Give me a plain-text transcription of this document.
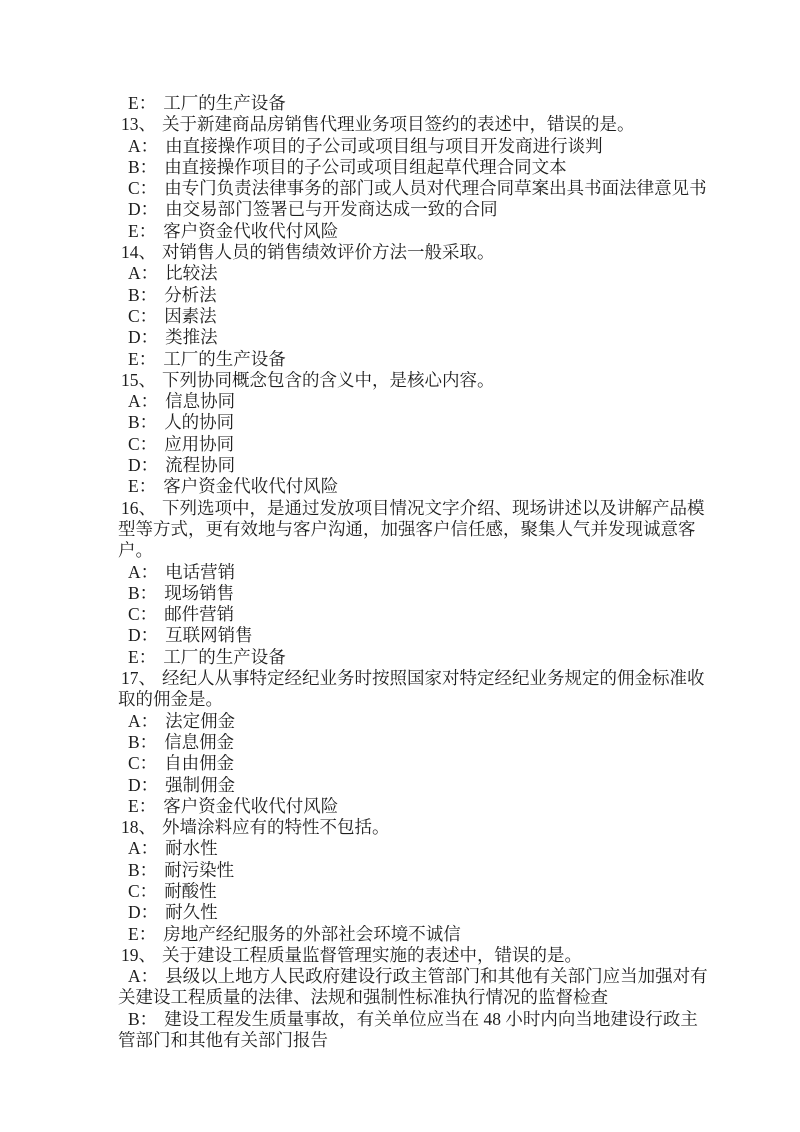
E： 工厂的生产设备

13、 关于新建商品房销售代理业务项目签约的表述中，错误的是。

A： 由直接操作项目的子公司或项目组与项目开发商进行谈判

B： 由直接操作项目的子公司或项目组起草代理合同文本

C： 由专门负责法律事务的部门或人员对代理合同草案出具书面法律意见书

D： 由交易部门签署已与开发商达成一致的合同

E： 客户资金代收代付风险

14、 对销售人员的销售绩效评价方法一般采取。

A： 比较法

B： 分析法

C： 因素法

D： 类推法

E： 工厂的生产设备

15、 下列协同概念包含的含义中，是核心内容。

A： 信息协同

B： 人的协同

C： 应用协同

D： 流程协同

E： 客户资金代收代付风险

16、 下列选项中，是通过发放项目情况文字介绍、现场讲述以及讲解产品模型等方式，更有效地与客户沟通，加强客户信任感，聚集人气并发现诚意客户。

A： 电话营销

B： 现场销售

C： 邮件营销

D： 互联网销售

E： 工厂的生产设备

17、 经纪人从事特定经纪业务时按照国家对特定经纪业务规定的佣金标准收取的佣金是。

A： 法定佣金

B： 信息佣金

C： 自由佣金

D： 强制佣金

E： 客户资金代收代付风险

18、 外墙涂料应有的特性不包括。

A： 耐水性

B： 耐污染性

C： 耐酸性

D： 耐久性

E： 房地产经纪服务的外部社会环境不诚信

19、 关于建设工程质量监督管理实施的表述中，错误的是。

A： 县级以上地方人民政府建设行政主管部门和其他有关部门应当加强对有关建设工程质量的法律、法规和强制性标准执行情况的监督检查

B： 建设工程发生质量事故，有关单位应当在 48 小时内向当地建设行政主管部门和其他有关部门报告
